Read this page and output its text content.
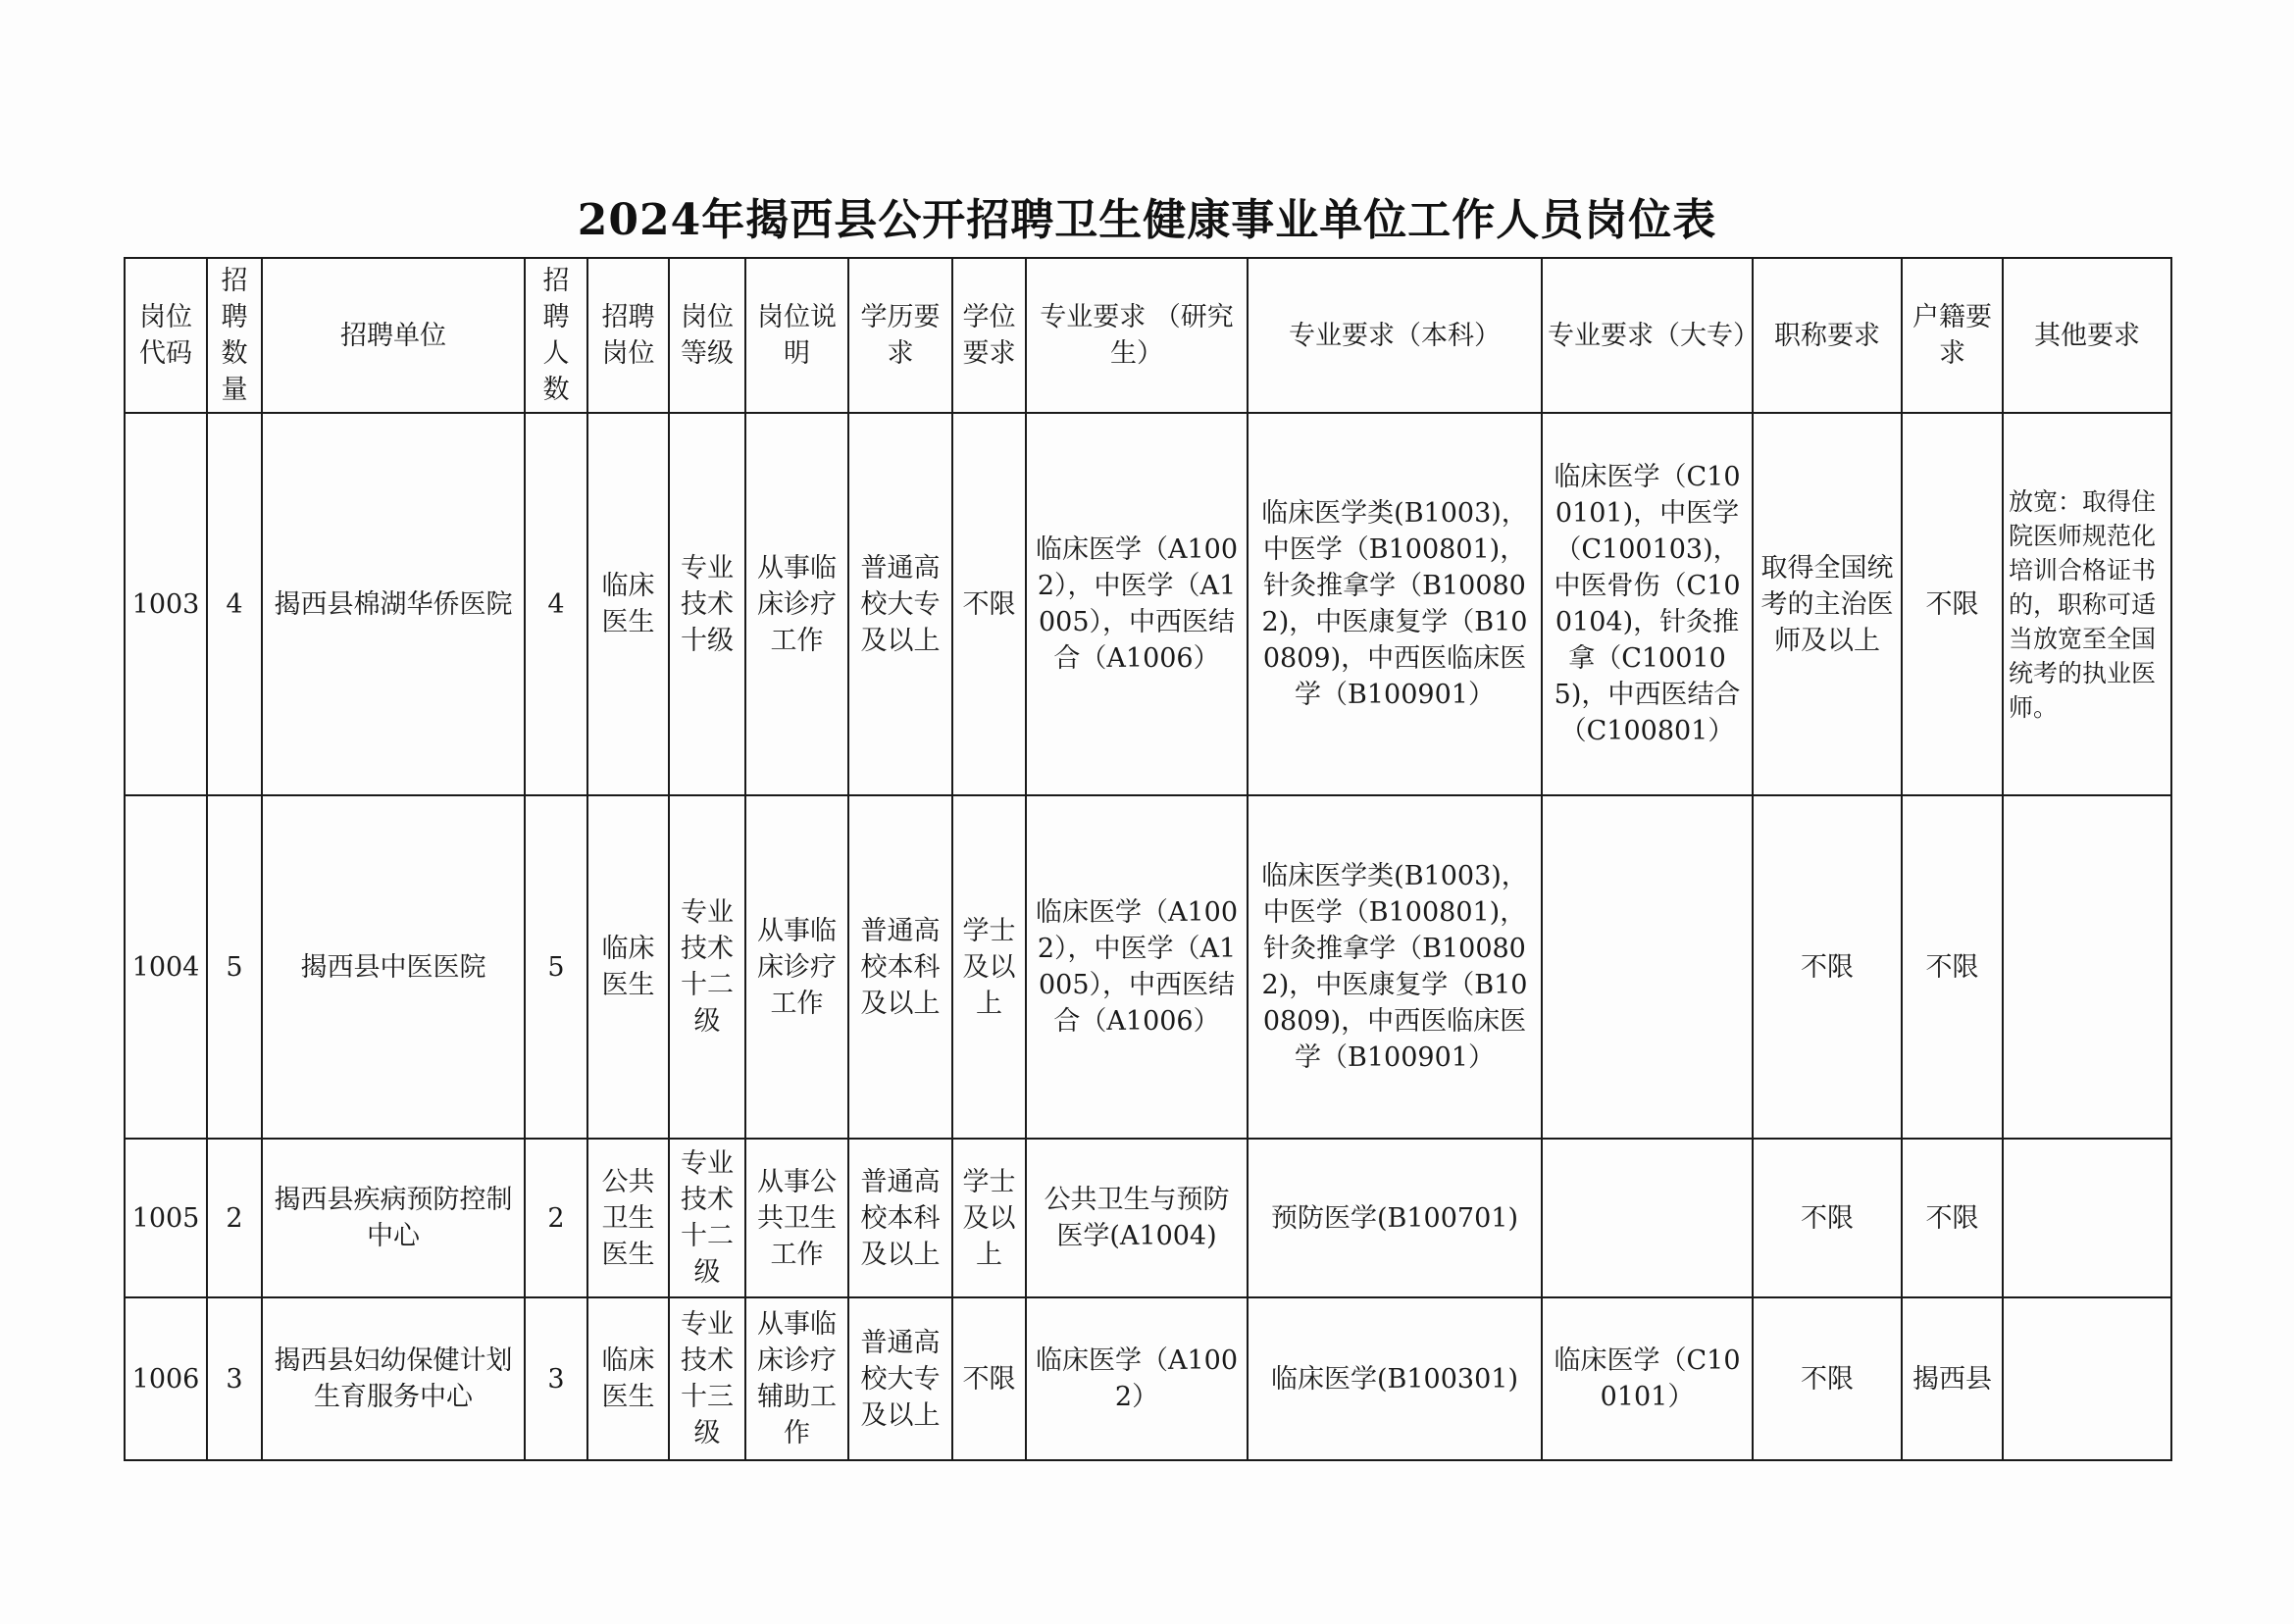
2024年揭西县公开招聘卫生健康事业单位工作人员岗位表
岗位代码	招聘数量	招聘单位	招聘人数	招聘岗位	岗位等级	岗位说明	学历要求	学位要求	专业要求 （研究生）	专业要求（本科）	专业要求（大专）	职称要求	户籍要求	其他要求
1003	4	揭西县棉湖华侨医院	4	临床医生	专业技术十级	从事临床诊疗工作	普通高校大专及以上	不限	临床医学（A1002），中医学（A1005），中西医结合（A1006）	临床医学类(B1003)，中医学（B100801)，针灸推拿学（B100802)，中医康复学（B100809)，中西医临床医学（B100901）	临床医学（C100101)，中医学（C100103)，中医骨伤（C100104)，针灸推拿（C100105)，中西医结合（C100801）	取得全国统考的主治医师及以上	不限	放宽：取得住院医师规范化培训合格证书的，职称可适当放宽至全国统考的执业医师。
1004	5	揭西县中医医院	5	临床医生	专业技术十二级	从事临床诊疗工作	普通高校本科及以上	学士及以上	临床医学（A1002），中医学（A1005），中西医结合（A1006）	临床医学类(B1003)，中医学（B100801)，针灸推拿学（B100802)，中医康复学（B100809)，中西医临床医学（B100901）		不限	不限	
1005	2	揭西县疾病预防控制中心	2	公共卫生医生	专业技术十二级	从事公共卫生工作	普通高校本科及以上	学士及以上	公共卫生与预防医学(A1004)	预防医学(B100701)		不限	不限	
1006	3	揭西县妇幼保健计划生育服务中心	3	临床医生	专业技术十三级	从事临床诊疗辅助工作	普通高校大专及以上	不限	临床医学（A1002）	临床医学(B100301)	临床医学（C100101）	不限	揭西县	
